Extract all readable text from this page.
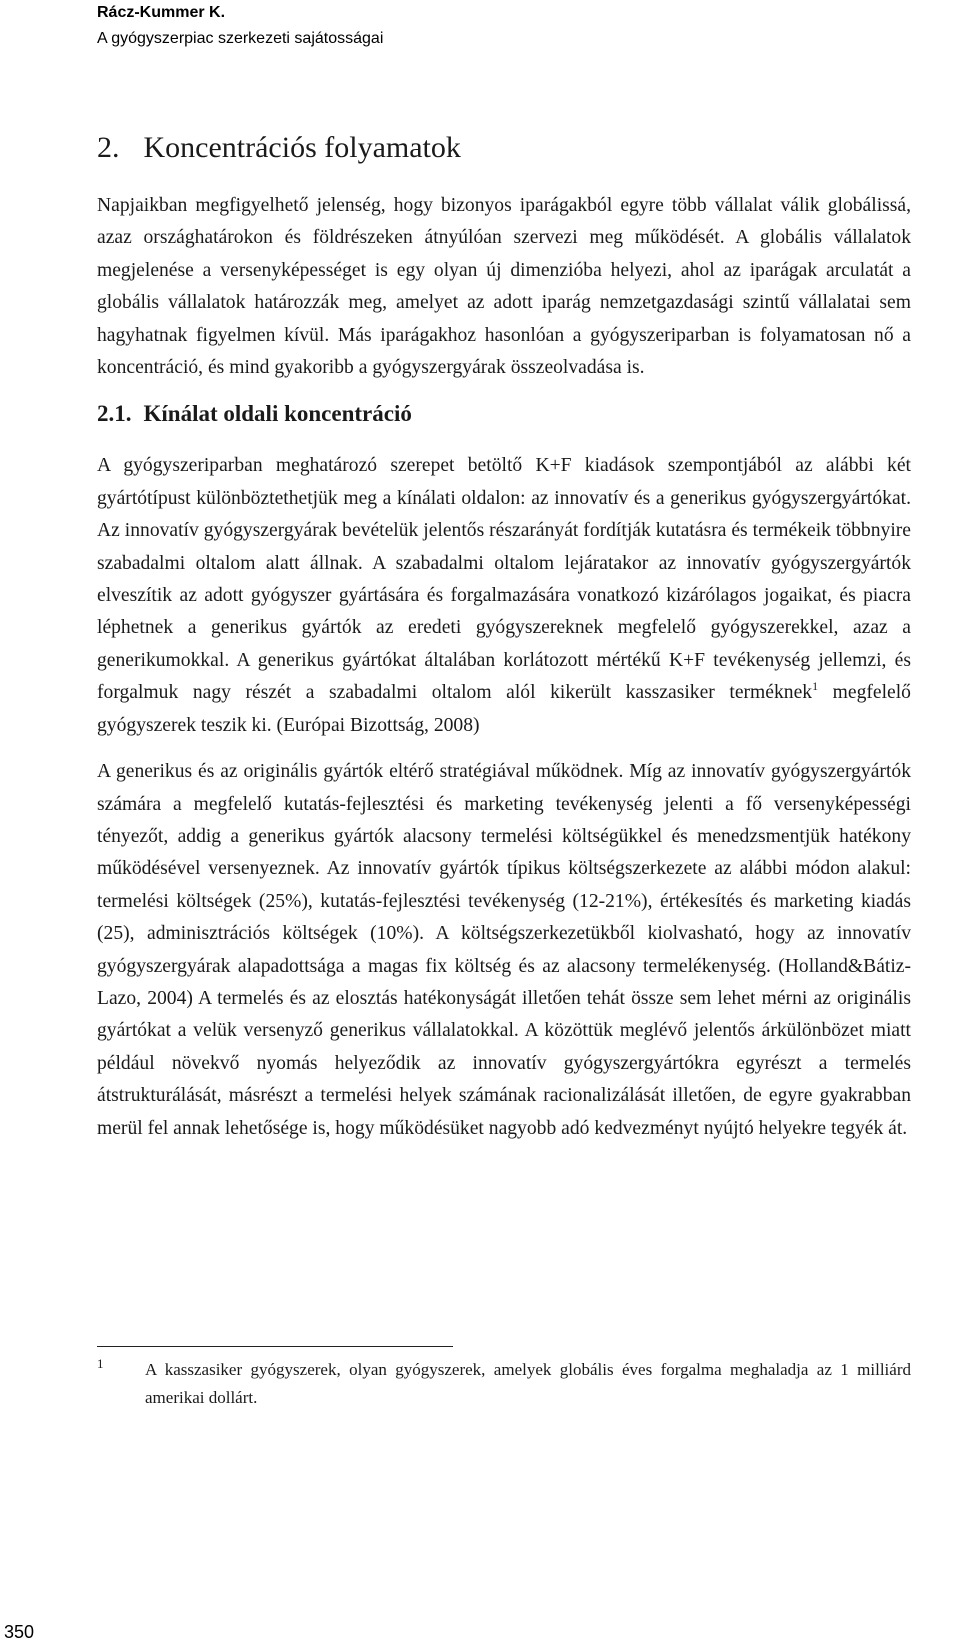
Rácz-Kummer K.
A gyógyszerpiac szerkezeti sajátosságai
2. Koncentrációs folyamatok

Napjaikban megfigyelhető jelenség, hogy bizonyos iparágakból egyre több vállalat válik globálissá, azaz országhatárokon és földrészeken átnyúlóan szervezi meg működését. A globális vállalatok megjelenése a versenyképességet is egy olyan új dimenzióba helyezi, ahol az iparágak arculatát a globális vállalatok határozzák meg, amelyet az adott iparág nemzetgazdasági szintű vállalatai sem hagyhatnak figyelmen kívül. Más iparágakhoz hasonlóan a gyógyszeriparban is folyamatosan nő a koncentráció, és mind gyakoribb a gyógyszergyárak összeolvadása is.

2.1. Kínálat oldali koncentráció

A gyógyszeriparban meghatározó szerepet betöltő K+F kiadások szempontjából az alábbi két gyártótípust különböztethetjük meg a kínálati oldalon: az innovatív és a generikus gyógyszergyártókat. Az innovatív gyógyszergyárak bevételük jelentős részarányát fordítják kutatásra és termékeik többnyire szabadalmi oltalom alatt állnak. A szabadalmi oltalom lejáratakor az innovatív gyógyszergyártók elveszítik az adott gyógyszer gyártására és forgalmazására vonatkozó kizárólagos jogaikat, és piacra léphetnek a generikus gyártók az eredeti gyógyszereknek megfelelő gyógyszerekkel, azaz a generikumokkal. A generikus gyártókat általában korlátozott mértékű K+F tevékenység jellemzi, és forgalmuk nagy részét a szabadalmi oltalom alól kikerült kasszasiker terméknek$^1$ megfelelő gyógyszerek teszik ki. (Európai Bizottság, 2008)

A generikus és az originális gyártók eltérő stratégiával működnek. Míg az innovatív gyógyszergyártók számára a megfelelő kutatás-fejlesztési és marketing tevékenység jelenti a fő versenyképességi tényezőt, addig a generikus gyártók alacsony termelési költségükkel és menedzsmentjük hatékony működésével versenyeznek. Az innovatív gyártók típikus költségszerkezete az alábbi módon alakul: termelési költségek (25%), kutatás-fejlesztési tevékenység (12-21%), értékesítés és marketing kiadás (25), adminisztrációs költségek (10%). A költségszerkezetükből kiolvasható, hogy az innovatív gyógyszergyárak alapadottsága a magas fix költség és az alacsony termelékenység. (Holland&Bátiz-Lazo, 2004) A termelés és az elosztás hatékonyságát illetően tehát össze sem lehet mérni az originális gyártókat a velük versenyző generikus vállalatokkal. A közöttük meglévő jelentős árkülönbözet miatt például növekvő nyomás helyeződik az innovatív gyógyszergyártókra egyrészt a termelés átstrukturálását, másrészt a termelési helyek számának racionalizálását illetően, de egyre gyakrabban merül fel annak lehetősége is, hogy működésüket nagyobb adó kedvezményt nyújtó helyekre tegyék át.

1 A kasszasiker gyógyszerek, olyan gyógyszerek, amelyek globális éves forgalma meghaladja az 1 milliárd amerikai dollárt.
350
